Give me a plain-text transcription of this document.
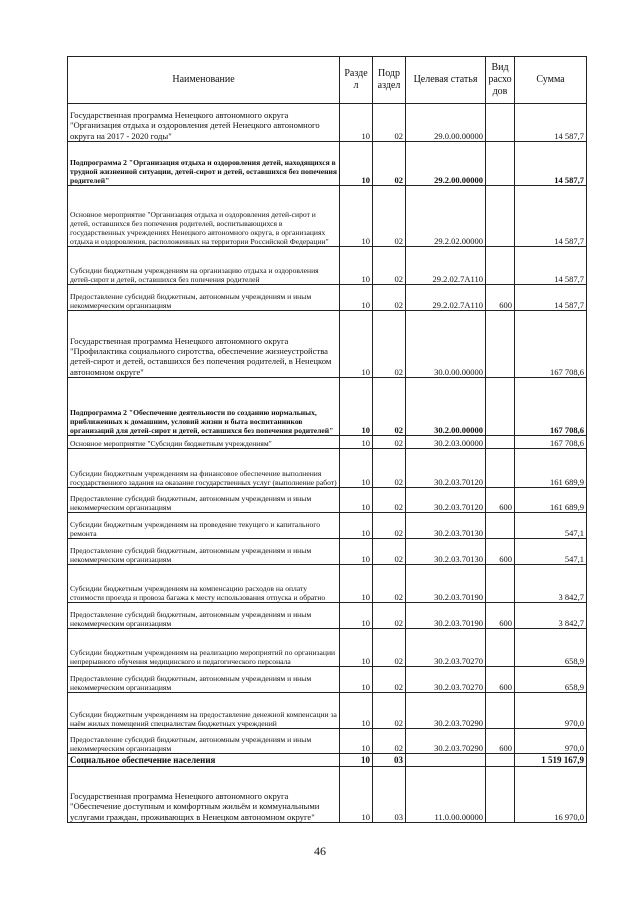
Наименование	Разде л	Подр аздел	Целевая статья	Вид расхо дов	Сумма
Государственная программа Ненецкого автономного округа "Организация отдыха и оздоровления детей Ненецкого автономного округа на 2017 - 2020 годы"	10	02	29.0.00.00000		14 587,7
Подпрограмма 2 "Организация отдыха и оздоровления детей, находящихся в трудной жизненной ситуации, детей-сирот и детей, оставшихся без попечения родителей"	10	02	29.2.00.00000		14 587,7
Основное мероприятие "Организация отдыха и оздоровления детей-сирот и детей, оставшихся без попечения родителей, воспитывающихся в государственных учреждениях Ненецкого автономного округа, в организациях отдыха и оздоровления, расположенных на территории Российской Федерации"	10	02	29.2.02.00000		14 587,7
Субсидии бюджетным учреждениям на организацию отдыха и оздоровления детей-сирот и детей, оставшихся без попечения родителей	10	02	29.2.02.7А110		14 587,7
Предоставление субсидий бюджетным, автономным учреждениям и иным некоммерческим организациям	10	02	29.2.02.7А110	600	14 587,7
Государственная программа Ненецкого автономного округа "Профилактика социального сиротства, обеспечение жизнеустройства детей-сирот и детей, оставшихся без попечения родителей, в Ненецком автономном округе"	10	02	30.0.00.00000		167 708,6
Подпрограмма 2 "Обеспечение деятельности по созданию нормальных, приближенных к домашним, условий жизни и быта воспитанников организаций для детей-сирот и детей, оставшихся без попечения родителей"	10	02	30.2.00.00000		167 708,6
Основное мероприятие "Субсидии бюджетным учреждениям"	10	02	30.2.03.00000		167 708,6
Субсидии бюджетным учреждениям на финансовое обеспечение выполнения государственного задания на оказание государственных услуг (выполнение работ)	10	02	30.2.03.70120		161 689,9
Предоставление субсидий бюджетным, автономным учреждениям и иным некоммерческим организациям	10	02	30.2.03.70120	600	161 689,9
Субсидии бюджетным учреждениям на проведение текущего и капитального ремонта	10	02	30.2.03.70130		547,1
Предоставление субсидий бюджетным, автономным учреждениям и иным некоммерческим организациям	10	02	30.2.03.70130	600	547,1
Субсидии бюджетным учреждениям на компенсацию расходов на оплату стоимости проезда и провоза багажа к месту использования отпуска и обратно	10	02	30.2.03.70190		3 842,7
Предоставление субсидий бюджетным, автономным учреждениям и иным некоммерческим организациям	10	02	30.2.03.70190	600	3 842,7
Субсидии бюджетным учреждениям на реализацию мероприятий по организации непрерывного обучения медицинского и педагогического персонала	10	02	30.2.03.70270		658,9
Предоставление субсидий бюджетным, автономным учреждениям и иным некоммерческим организациям	10	02	30.2.03.70270	600	658,9
Субсидии бюджетным учреждениям на предоставление денежной компенсации за наём жилых помещений специалистам бюджетных учреждений	10	02	30.2.03.70290		970,0
Предоставление субсидий бюджетным, автономным учреждениям и иным некоммерческим организациям	10	02	30.2.03.70290	600	970,0
Социальное обеспечение населения	10	03			1 519 167,9
Государственная программа Ненецкого автономного округа "Обеспечение доступным и комфортным жильём и коммунальными услугами граждан, проживающих в Ненецком автономном округе"	10	03	11.0.00.00000		16 970,0
46
